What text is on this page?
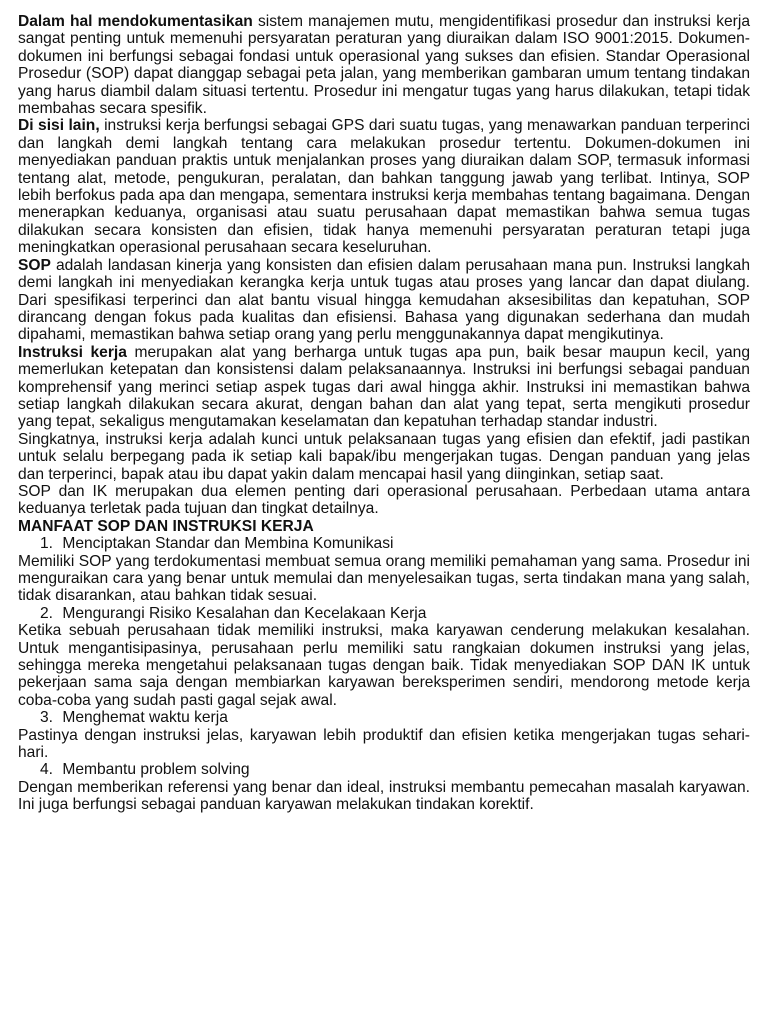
Dalam hal mendokumentasikan sistem manajemen mutu, mengidentifikasi prosedur dan instruksi kerja sangat penting untuk memenuhi persyaratan peraturan yang diuraikan dalam ISO 9001:2015. Dokumen-dokumen ini berfungsi sebagai fondasi untuk operasional yang sukses dan efisien. Standar Operasional Prosedur (SOP) dapat dianggap sebagai peta jalan, yang memberikan gambaran umum tentang tindakan yang harus diambil dalam situasi tertentu. Prosedur ini mengatur tugas yang harus dilakukan, tetapi tidak membahas secara spesifik.

Di sisi lain, instruksi kerja berfungsi sebagai GPS dari suatu tugas, yang menawarkan panduan terperinci dan langkah demi langkah tentang cara melakukan prosedur tertentu. Dokumen-dokumen ini menyediakan panduan praktis untuk menjalankan proses yang diuraikan dalam SOP, termasuk informasi tentang alat, metode, pengukuran, peralatan, dan bahkan tanggung jawab yang terlibat. Intinya, SOP lebih berfokus pada apa dan mengapa, sementara instruksi kerja membahas tentang bagaimana. Dengan menerapkan keduanya, organisasi atau suatu perusahaan dapat memastikan bahwa semua tugas dilakukan secara konsisten dan efisien, tidak hanya memenuhi persyaratan peraturan tetapi juga meningkatkan operasional perusahaan secara keseluruhan.

SOP adalah landasan kinerja yang konsisten dan efisien dalam perusahaan mana pun. Instruksi langkah demi langkah ini menyediakan kerangka kerja untuk tugas atau proses yang lancar dan dapat diulang. Dari spesifikasi terperinci dan alat bantu visual hingga kemudahan aksesibilitas dan kepatuhan, SOP dirancang dengan fokus pada kualitas dan efisiensi. Bahasa yang digunakan sederhana dan mudah dipahami, memastikan bahwa setiap orang yang perlu menggunakannya dapat mengikutinya.

Instruksi kerja merupakan alat yang berharga untuk tugas apa pun, baik besar maupun kecil, yang memerlukan ketepatan dan konsistensi dalam pelaksanaannya. Instruksi ini berfungsi sebagai panduan komprehensif yang merinci setiap aspek tugas dari awal hingga akhir. Instruksi ini memastikan bahwa setiap langkah dilakukan secara akurat, dengan bahan dan alat yang tepat, serta mengikuti prosedur yang tepat, sekaligus mengutamakan keselamatan dan kepatuhan terhadap standar industri.

Singkatnya, instruksi kerja adalah kunci untuk pelaksanaan tugas yang efisien dan efektif, jadi pastikan untuk selalu berpegang pada ik setiap kali bapak/ibu mengerjakan tugas. Dengan panduan yang jelas dan terperinci, bapak atau ibu dapat yakin dalam mencapai hasil yang diinginkan, setiap saat.

SOP dan IK merupakan dua elemen penting dari operasional perusahaan. Perbedaan utama antara keduanya terletak pada tujuan dan tingkat detailnya.

MANFAAT SOP DAN INSTRUKSI KERJA
1. Menciptakan Standar dan Membina Komunikasi

Memiliki SOP yang terdokumentasi membuat semua orang memiliki pemahaman yang sama. Prosedur ini menguraikan cara yang benar untuk memulai dan menyelesaikan tugas, serta tindakan mana yang salah, tidak disarankan, atau bahkan tidak sesuai.

2. Mengurangi Risiko Kesalahan dan Kecelakaan Kerja

Ketika sebuah perusahaan tidak memiliki instruksi, maka karyawan cenderung melakukan kesalahan. Untuk mengantisipasinya, perusahaan perlu memiliki satu rangkaian dokumen instruksi yang jelas, sehingga mereka mengetahui pelaksanaan tugas dengan baik. Tidak menyediakan SOP DAN IK untuk pekerjaan sama saja dengan membiarkan karyawan bereksperimen sendiri, mendorong metode kerja coba-coba yang sudah pasti gagal sejak awal.

3. Menghemat waktu kerja

Pastinya dengan instruksi jelas, karyawan lebih produktif dan efisien ketika mengerjakan tugas sehari-hari.

4. Membantu problem solving

Dengan memberikan referensi yang benar dan ideal, instruksi membantu pemecahan masalah karyawan. Ini juga berfungsi sebagai panduan karyawan melakukan tindakan korektif.
